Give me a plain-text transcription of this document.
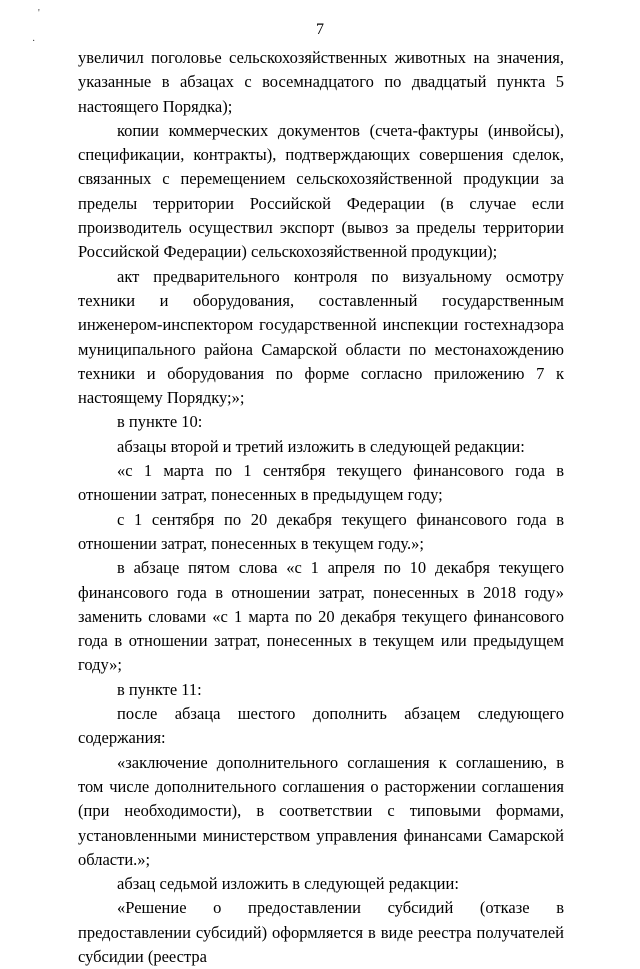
'
·
7

увеличил поголовье сельскохозяйственных животных на значения, указанные в абзацах с восемнадцатого по двадцатый пункта 5 настоящего Порядка);

копии коммерческих документов (счета-фактуры (инвойсы), спецификации, контракты), подтверждающих совершения сделок, связанных с перемещением сельскохозяйственной продукции за пределы территории Российской Федерации (в случае если производитель осуществил экспорт (вывоз за пределы территории Российской Федерации) сельскохозяйственной продукции);

акт предварительного контроля по визуальному осмотру техники и оборудования, составленный государственным инженером-инспектором государственной инспекции гостехнадзора муниципального района Самарской области по местонахождению техники и оборудования по форме согласно приложению 7 к настоящему Порядку;»;

в пункте 10:

абзацы второй и третий изложить в следующей редакции:

«с 1 марта по 1 сентября текущего финансового года в отношении затрат, понесенных в предыдущем году;

с 1 сентября по 20 декабря текущего финансового года в отношении затрат, понесенных в текущем году.»;

в абзаце пятом слова «с 1 апреля по 10 декабря текущего финансового года в отношении затрат, понесенных в 2018 году» заменить словами «с 1 марта по 20 декабря текущего финансового года в отношении затрат, понесенных в текущем или предыдущем году»;

в пункте 11:

после абзаца шестого дополнить абзацем следующего содержания:

«заключение дополнительного соглашения к соглашению, в том числе дополнительного соглашения о расторжении соглашения (при необходимости), в соответствии с типовыми формами, установленными министерством управления финансами Самарской области.»;

абзац седьмой изложить в следующей редакции:

«Решение о предоставлении субсидий (отказе в предоставлении субсидий) оформляется в виде реестра получателей субсидии (реестра
